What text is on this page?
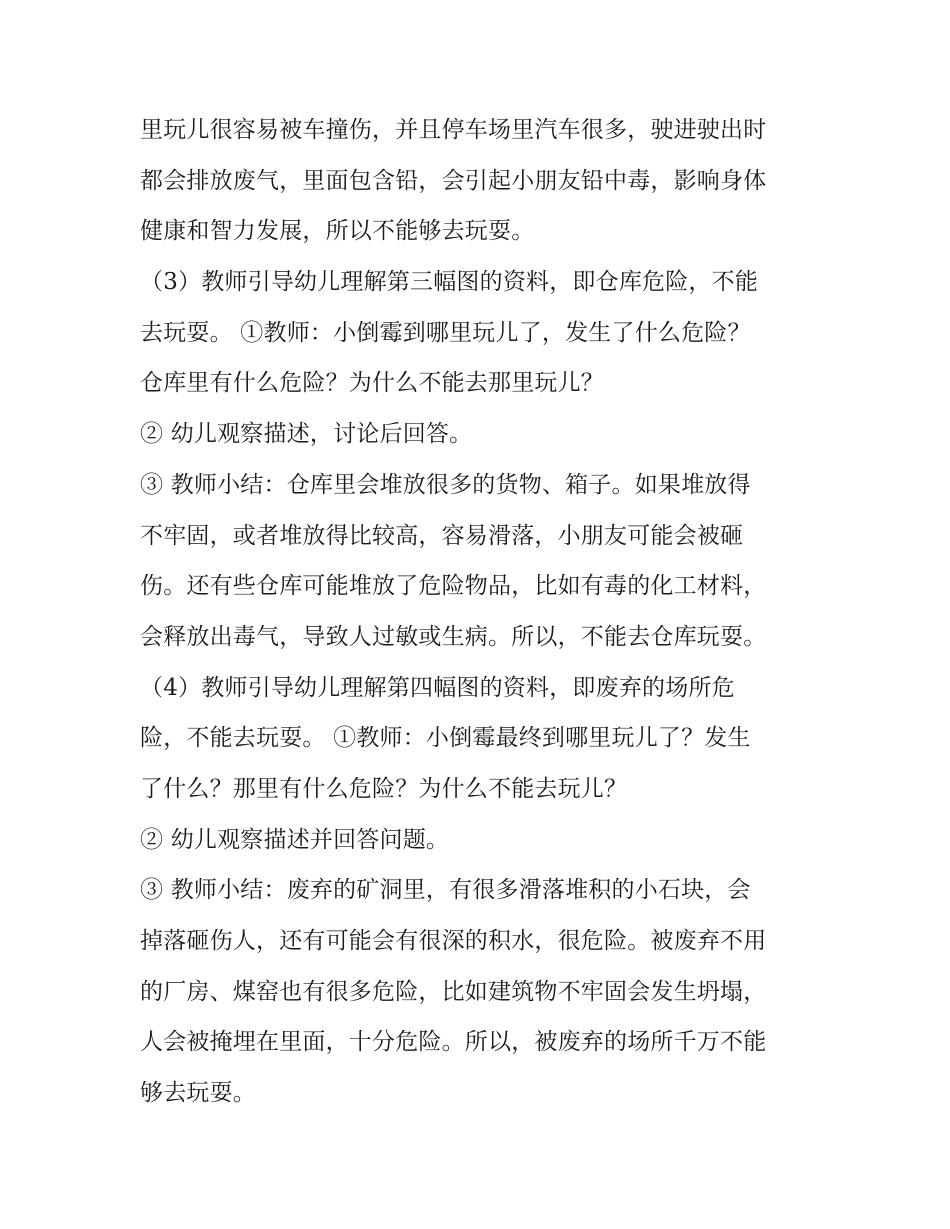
里玩儿很容易被车撞伤，并且停车场里汽车很多，驶进驶出时
都会排放废气，里面包含铅，会引起小朋友铅中毒，影响身体
健康和智力发展，所以不能够去玩耍。
（3）教师引导幼儿理解第三幅图的资料，即仓库危险，不能
去玩耍。 ①教师：小倒霉到哪里玩儿了，发生了什么危险？
仓库里有什么危险？为什么不能去那里玩儿？
② 幼儿观察描述，讨论后回答。
③ 教师小结：仓库里会堆放很多的货物、箱子。如果堆放得
不牢固，或者堆放得比较高，容易滑落，小朋友可能会被砸
伤。还有些仓库可能堆放了危险物品，比如有毒的化工材料，
会释放出毒气，导致人过敏或生病。所以，不能去仓库玩耍。
（4）教师引导幼儿理解第四幅图的资料，即废弃的场所危
险，不能去玩耍。 ①教师：小倒霉最终到哪里玩儿了？发生
了什么？那里有什么危险？为什么不能去玩儿？
② 幼儿观察描述并回答问题。
③ 教师小结：废弃的矿洞里，有很多滑落堆积的小石块，会
掉落砸伤人，还有可能会有很深的积水，很危险。被废弃不用
的厂房、煤窑也有很多危险，比如建筑物不牢固会发生坍塌，
人会被掩埋在里面，十分危险。所以，被废弃的场所千万不能
够去玩耍。
